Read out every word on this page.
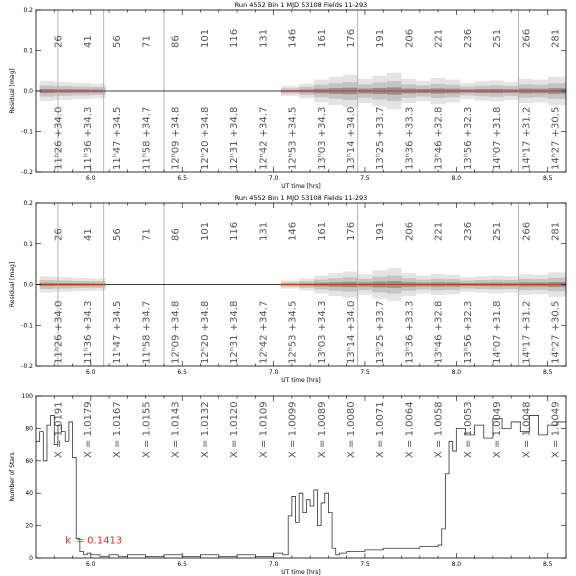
Run 4552 Bin 1 MJD 53108 Fields 11-293
26 41 56 71 86 101 116 131 146 161 176 191 206 221 236 251 266 281
11ʰ26 +34.0 11ʰ36 +34.3 11ʰ47 +34.5 11ʰ58 +34.7 12ʰ09 +34.8 12ʰ20 +34.8 12ʰ31 +34.8 12ʰ42 +34.7 12ʰ53 +34.5 13ʰ03 +34.3 13ʰ14 +34.0 13ʰ25 +33.7 13ʰ36 +33.3 13ʰ46 +32.8 13ʰ56 +32.3 14ʰ07 +31.8 14ʰ17 +31.2 14ʰ27 +30.5
6.0	6.5	7.0	7.5	8.0	8.5
UT time [hrs]
-0.2
-0.1
0.0
0.1
0.2
Residual [mag]
Run 4552 Bin 1 MJD 53108 Fields 11-293
26 41 56 71 86 101 116 131 146 161 176 191 206 221 236 251 266 281
11ʰ26 +34.0 11ʰ36 +34.3 11ʰ47 +34.5 11ʰ58 +34.7 12ʰ09 +34.8 12ʰ20 +34.8 12ʰ31 +34.8 12ʰ42 +34.7 12ʰ53 +34.5 13ʰ03 +34.3 13ʰ14 +34.0 13ʰ25 +33.7 13ʰ36 +33.3 13ʰ46 +32.8 13ʰ56 +32.3 14ʰ07 +31.8 14ʰ17 +31.2 14ʰ27 +30.5
6.0	6.5	7.0	7.5	8.0	8.5
UT time [hrs]
-0.2
-0.1
0.0
0.1
0.2
Residual [mag]
X = 1.0191 X = 1.0179 X = 1.0167 X = 1.0155 X = 1.0143 X = 1.0132 X = 1.0120 X = 1.0109 X = 1.0099 X = 1.0089 X = 1.0080 X = 1.0071 X = 1.0064 X = 1.0058 X = 1.0053 X = 1.0049 X = 1.0048 X = 1.0049
k = 0.1413
6.0	6.5	7.0	7.5	8.0	8.5
UT time [hrs]
0
20
40
60
80
100
Number of Stars
